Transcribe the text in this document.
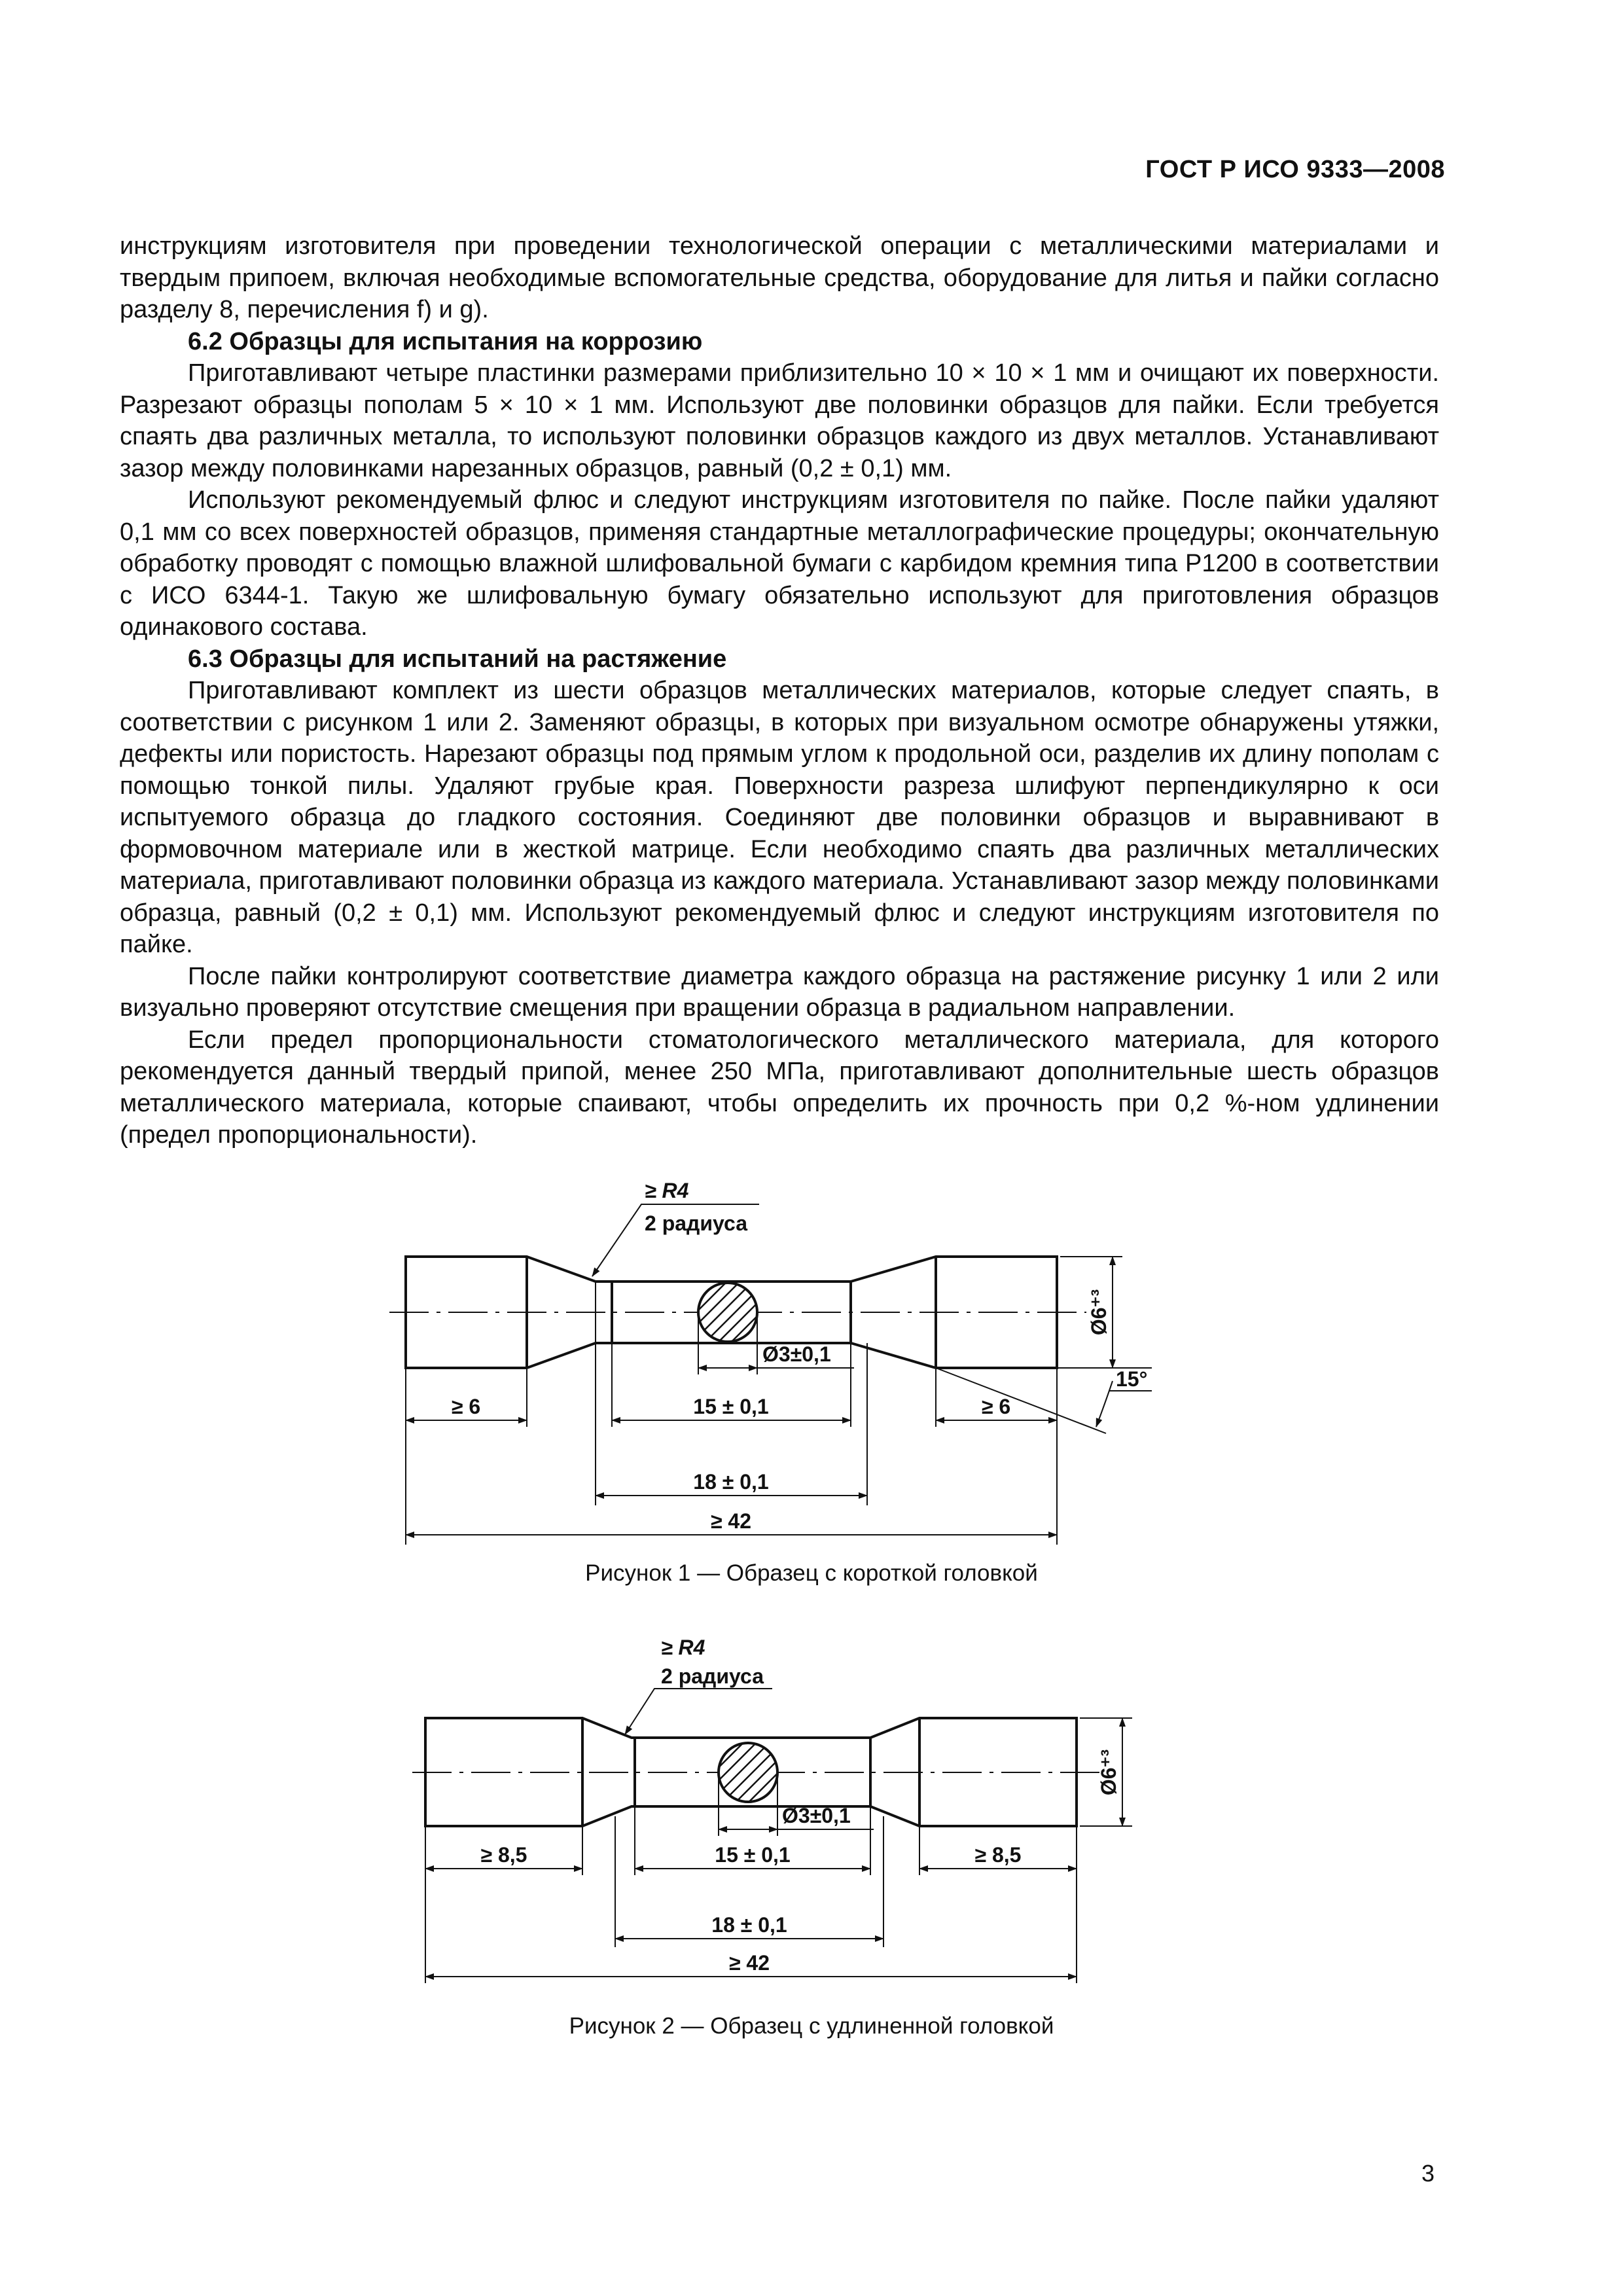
ГОСТ Р ИСО 9333—2008

инструкциям изготовителя при проведении технологической операции с металлическими материалами и твердым припоем, включая необходимые вспомогательные средства, оборудование для литья и пайки согласно разделу 8, перечисления f) и g).

6.2 Образцы для испытания на коррозию

Приготавливают четыре пластинки размерами приблизительно 10 × 10 × 1 мм и очищают их поверхности. Разрезают образцы пополам 5 × 10 × 1 мм. Используют две половинки образцов для пайки. Если требуется спаять два различных металла, то используют половинки образцов каждого из двух металлов. Устанавливают зазор между половинками нарезанных образцов, равный (0,2 ± 0,1) мм.

Используют рекомендуемый флюс и следуют инструкциям изготовителя по пайке. После пайки удаляют 0,1 мм со всех поверхностей образцов, применяя стандартные металлографические процедуры; окончательную обработку проводят с помощью влажной шлифовальной бумаги с карбидом кремния типа P1200 в соответствии с ИСО 6344-1. Такую же шлифовальную бумагу обязательно используют для приготовления образцов одинакового состава.

6.3 Образцы для испытаний на растяжение

Приготавливают комплект из шести образцов металлических материалов, которые следует спаять, в соответствии с рисунком 1 или 2. Заменяют образцы, в которых при визуальном осмотре обнаружены утяжки, дефекты или пористость. Нарезают образцы под прямым углом к продольной оси, разделив их длину пополам с помощью тонкой пилы. Удаляют грубые края. Поверхности разреза шлифуют перпендикулярно к оси испытуемого образца до гладкого состояния. Соединяют две половинки образцов и выравнивают в формовочном материале или в жесткой матрице. Если необходимо спаять два различных металлических материала, приготавливают половинки образца из каждого материала. Устанавливают зазор между половинками образца, равный (0,2 ± 0,1) мм. Используют рекомендуемый флюс и следуют инструкциям изготовителя по пайке.

После пайки контролируют соответствие диаметра каждого образца на растяжение рисунку 1 или 2 или визуально проверяют отсутствие смещения при вращении образца в радиальном направлении.

Если предел пропорциональности стоматологического металлического материала, для которого рекомендуется данный твердый припой, менее 250 МПа, приготавливают дополнительные шесть образцов металлического материала, которые спаивают, чтобы определить их прочность при 0,2 %-ном удлинении (предел пропорциональности).

≥ R4
2 радиуса
Ø3±0,1
15°
≥ 6	15 ± 0,1	≥ 6
18 ± 0,1
≥ 42
Ø6⁺³
Рисунок 1 — Образец с короткой головкой
≥ R4
2 радиуса
Ø3±0,1
≥ 8,5	15 ± 0,1	≥ 8,5
18 ± 0,1
≥ 42
Ø6⁺³
Рисунок 2 — Образец с удлиненной головкой
3
